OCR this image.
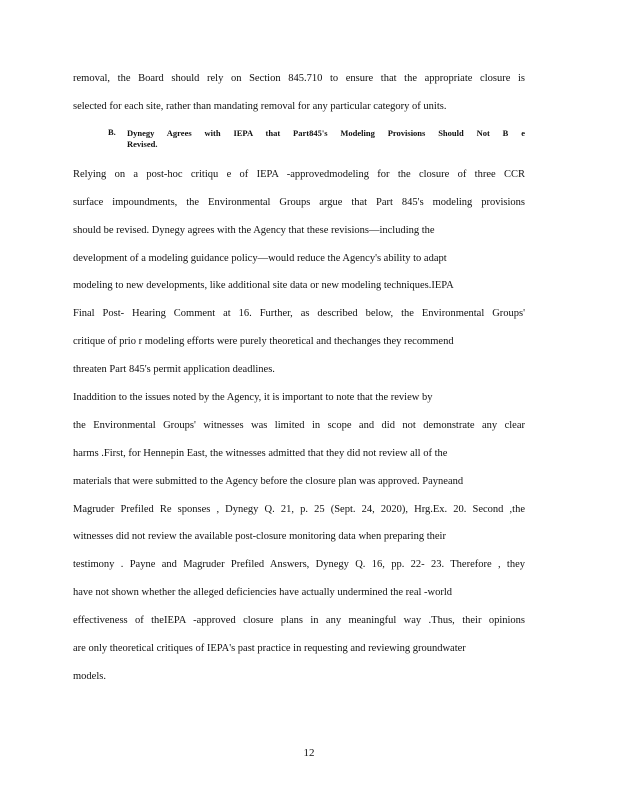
removal, the Board should rely on Section 845.710 to ensure that the appropriate closure is
selected for each site, rather than mandating removal for any particular category of units.
B. Dynegy Agrees with IEPA that Part845's Modeling Provisions Should Not B e
Revised.
Relying on a post-hoc critiqu e of IEPA -approvedmodeling for the closure of three CCR
surface impoundments, the Environmental Groups argue that Part 845's modeling provisions
should be revised. Dynegy agrees with the Agency that these revisions—including the
development of a modeling guidance policy—would reduce the Agency's ability to adapt
modeling to new developments, like additional site data or new modeling techniques.IEPA
Final Post- Hearing Comment at 16. Further, as described below, the Environmental Groups'
critique of prio r modeling efforts were purely theoretical and thechanges they recommend
threaten Part 845's permit application deadlines.
Inaddition to the issues noted by the Agency, it is important to note that the review by
the Environmental Groups' witnesses was limited in scope and did not demonstrate any clear
harms .First, for Hennepin East, the witnesses admitted that they did not review all of the
materials that were submitted to the Agency before the closure plan was approved. Payneand
Magruder Prefiled Re sponses , Dynegy Q. 21, p. 25 (Sept. 24, 2020), Hrg.Ex. 20. Second ,the
witnesses did not review the available post-closure monitoring data when preparing their
testimony . Payne and Magruder Prefiled Answers, Dynegy Q. 16, pp. 22- 23. Therefore , they
have not shown whether the alleged deficiencies have actually undermined the real -world
effectiveness of theIEPA -approved closure plans in any meaningful way .Thus, their opinions
are only theoretical critiques of IEPA's past practice in requesting and reviewing groundwater
models.
12
